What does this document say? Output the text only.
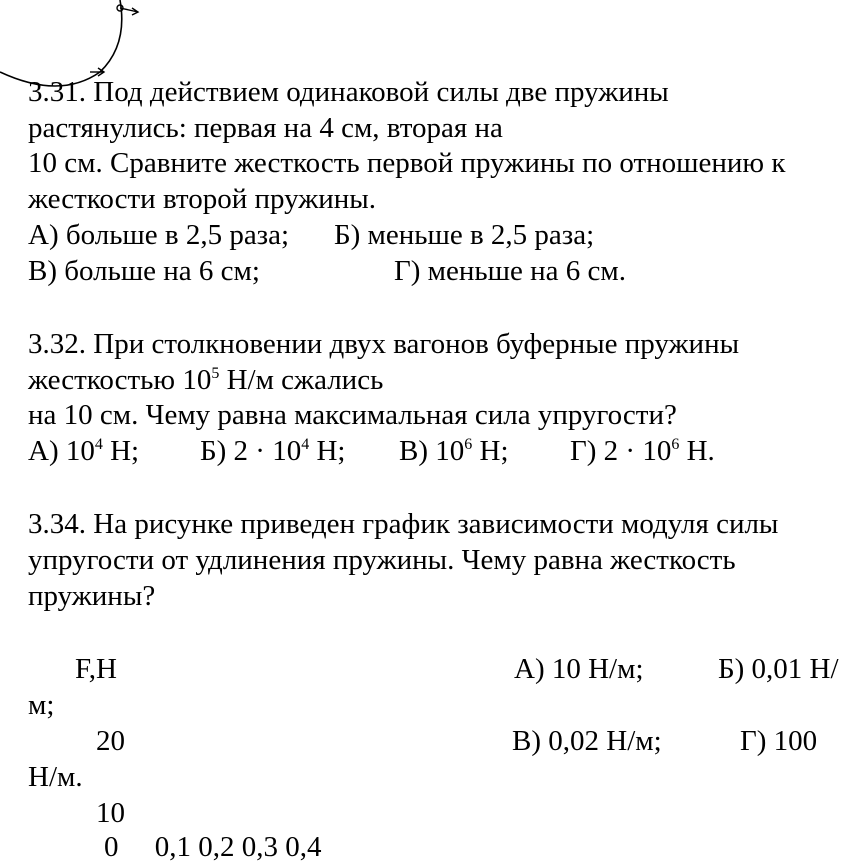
3.31. Под действием одинаковой силы две пружины
растянулись: первая на 4 см, вторая на
10 см. Сравните жесткость первой пружины по отношению к
жесткости второй пружины.
А) больше в 2,5 раза; Б) меньше в 2,5 раза;
В) больше на 6 см;	Г) меньше на 6 см.
3.32. При столкновении двух вагонов буферные пружины
жесткостью $10^5$ Н/м сжались
на 10 см. Чему равна максимальная сила упругости?
А) $10^4$ Н; Б) $2 \cdot 10^4$ Н; В) $10^6$ Н; Г) $2 \cdot 10^6$ Н.
3.34. На рисунке приведен график зависимости модуля силы
упругости от удлинения пружины. Чему равна жесткость
пружины?
F,H	А) 10 Н/м;	Б) 0,01 Н/
м;
20	В) 0,02 Н/м;	Г) 100
Н/м.
10
0     0,1 0,2 0,3 0,4
